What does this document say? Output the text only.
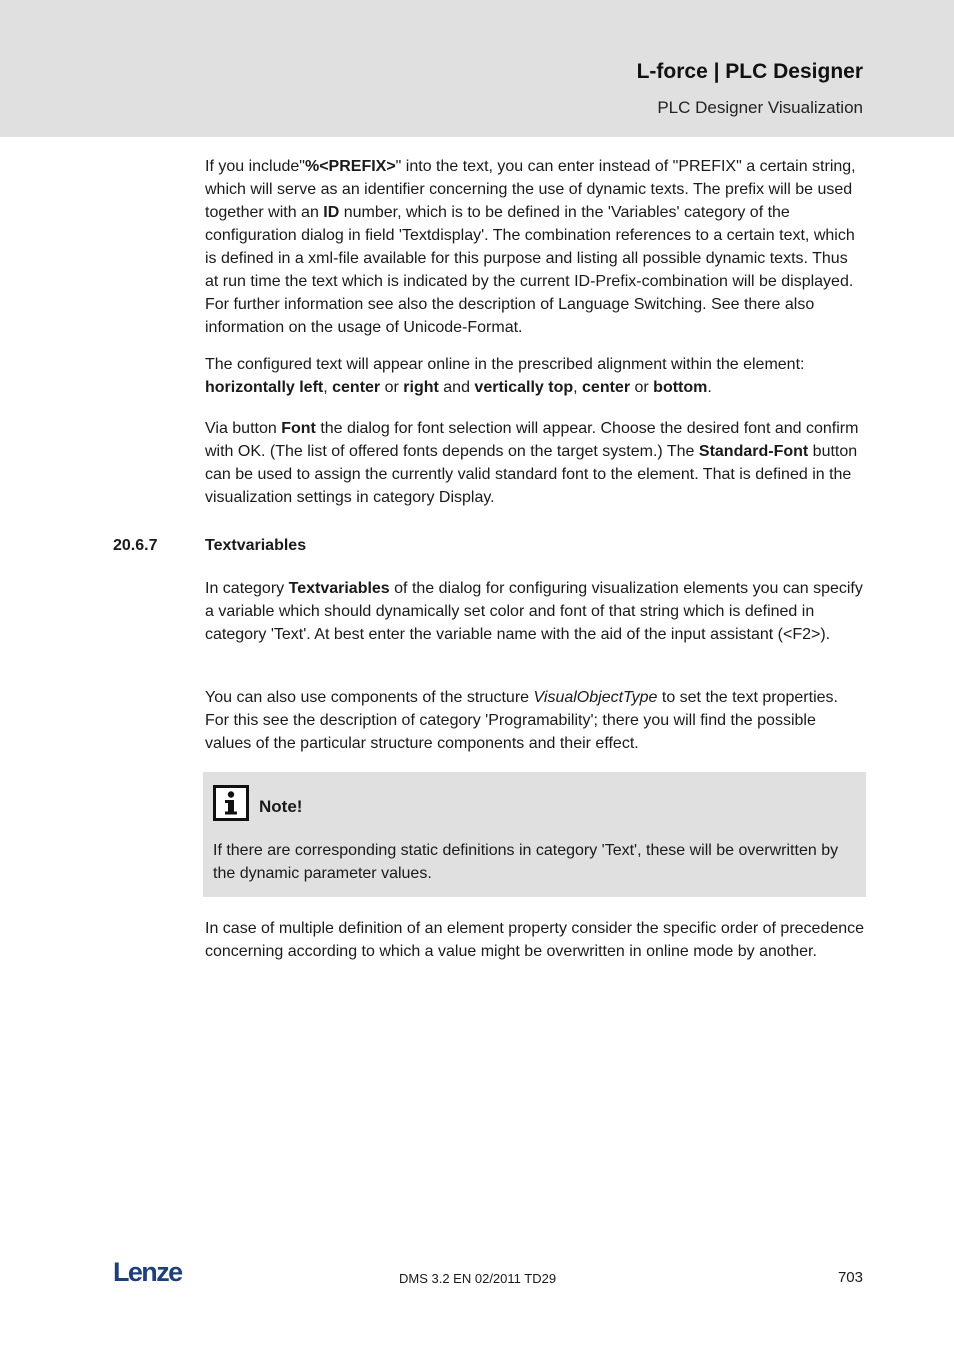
L-force | PLC Designer
PLC Designer Visualization
If you include"%<PREFIX>" into the text, you can enter instead of "PREFIX" a certain string, which will serve as an identifier concerning the use of dynamic texts. The prefix will be used together with an ID number, which is to be defined in the 'Variables' category of the configuration dialog in field 'Textdisplay'. The combination references to a certain text, which is defined in a xml-file available for this purpose and listing all possible dynamic texts. Thus at run time the text which is indicated by the current ID-Prefix-combination will be displayed. For further information see also the description of Language Switching. See there also information on the usage of Unicode-Format.
The configured text will appear online in the prescribed alignment within the element: horizontally left, center or right and vertically top, center or bottom.
Via button Font the dialog for font selection will appear. Choose the desired font and confirm with OK. (The list of offered fonts depends on the target system.) The Standard-Font button can be used to assign the currently valid standard font to the element. That is defined in the visualization settings in category Display.
20.6.7	Textvariables
In category Textvariables of the dialog for configuring visualization elements you can specify a variable which should dynamically set color and font of that string which is defined in category 'Text'. At best enter the variable name with the aid of the input assistant (<F2>).
You can also use components of the structure VisualObjectType to set the text properties. For this see the description of category 'Programability'; there you will find the possible values of the particular structure components and their effect.
Note!
If there are corresponding static definitions in category 'Text', these will be overwritten by the dynamic parameter values.
In case of multiple definition of an element property consider the specific order of precedence concerning according to which a value might be overwritten in online mode by another.
Lenze	DMS 3.2 EN 02/2011 TD29	703
